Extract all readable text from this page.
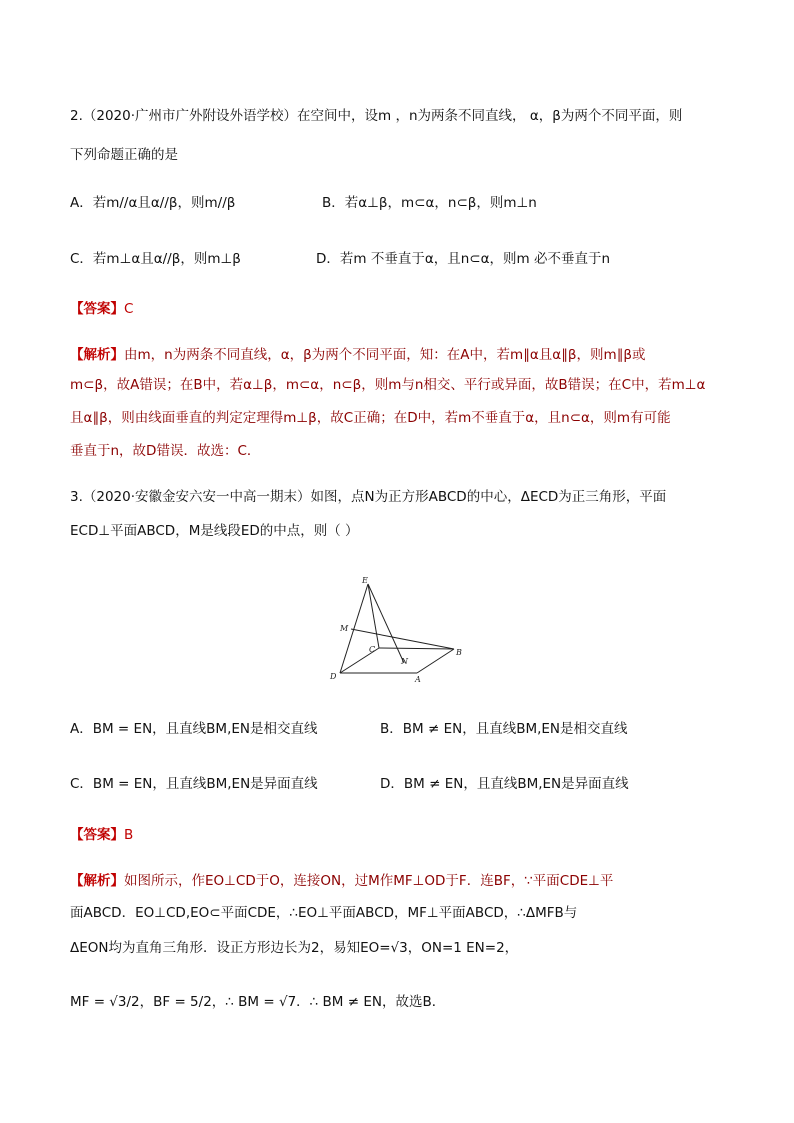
2.（2020·广州市广外附设外语学校）在空间中，设m ，n为两条不同直线， α，β为两个不同平面，则
下列命题正确的是
A．若m//α且α//β，则m//β	B．若α⊥β，m⊂α，n⊂β，则m⊥n
C．若m⊥α且α//β，则m⊥β	D．若m 不垂直于α，且n⊂α，则m 必不垂直于n
【答案】C
【解析】由m，n为两条不同直线，α，β为两个不同平面，知：在A中，若m∥α且α∥β，则m∥β或
m⊂β，故A错误；在B中，若α⊥β，m⊂α，n⊂β，则m与n相交、平行或异面，故B错误；在C中，若m⊥α
且α∥β，则由线面垂直的判定定理得m⊥β，故C正确；在D中，若m不垂直于α，且n⊂α，则m有可能
垂直于n，故D错误．故选：C．
3.（2020·安徽金安六安一中高一期末）如图，点N为正方形ABCD的中心，ΔECD为正三角形，平面
ECD⊥平面ABCD，M是线段ED的中点，则（ ）
E
M
C
N
B
D	A
A．BM = EN，且直线BM,EN是相交直线	B．BM ≠ EN，且直线BM,EN是相交直线
C．BM = EN，且直线BM,EN是异面直线	D．BM ≠ EN，且直线BM,EN是异面直线
【答案】B
【解析】如图所示，作EO⊥CD于O，连接ON，过M作MF⊥OD于F．连BF，∵平面CDE⊥平
面ABCD．EO⊥CD,EO⊂平面CDE，∴EO⊥平面ABCD，MF⊥平面ABCD，∴ΔMFB与
ΔEON均为直角三角形．设正方形边长为2，易知EO=√3，ON=1 EN=2，
MF = √3/2，BF = 5/2，∴ BM = √7．∴ BM ≠ EN，故选B．
